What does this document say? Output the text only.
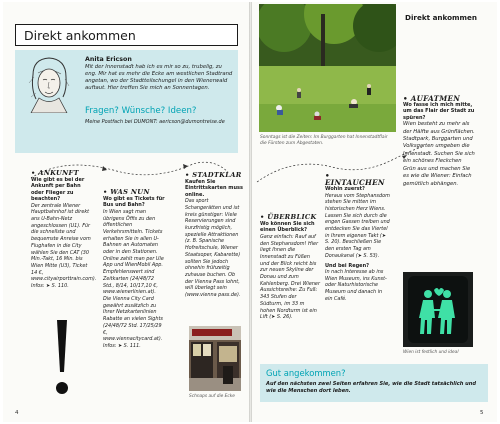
Direkt ankommen
Anita Ericson
Mit der Innenstadt hab ich es mir so zu, trubelig, zu eng. Mir hat es mehr die Ecke am westlichen Stadtrand angetan, wo der Stadtteilschungel in den Wienerwald auftaut. Hier treffen Sie mich an Sonnentagen.
Fragen? Wünsche? Ideen?
Meine Postfach bei DUMONT: aericson@dumontreise.de
• ANKUNFT
Wie gibt es bei der Ankunft per Bahn oder Flieger zu beachten?
Der zentrale Wiener Hauptbahnhof ist direkt ans U-Bahn-Netz angeschlossen (U1). Für die schnellste und bequemste Anreise vom Flughafen in die City wählen Sie den CAT (30 Min.-Takt, 16 Min. bis Wien Mitte (U3), Ticket 14 €, www.cityairporttrain.com). Infos: ➤ S. 110.
• WAS NUN
Wo gibt es Tickets für Bus und Bahn?
In Wien sagt man übrigens Öffis zu den öffentlichen Verkehrsmitteln. Tickets erhalten Sie in allen U-Bahnen an Automaten oder in den Stationen. Online zahlt man per Ule App und WienMobil App. Empfehlenswert sind Zeitkarten (24/48/72 Std., 8/14, 10/17,10 €, www.wienerlinien.at). Die Vienna City Card gewährt zusätzlich zu Ihrer Netzkartenlinien Rabatte an vielen Sights (24/48/72 Std. 17/25/29 €, www.viennacitycard.at). Infos: ➤ S. 111.
• STADTKLAR
Kaufen Sie Eintrittskarten muss online.
Das sport Schangerätten und ist kreis günstiger: Viele Reservierungen sind kurzfristig möglich, spezielle Attraktionen (z. B. Spanische Hofreitschule, Wiener Staatsoper, Kabarette) sollten Sie jedoch ohnehin frühzeitig zuhause buchen. Ob der Vienna Pass lohnt, will überlegt sein (www.vienna pass.de).
Schnaps auf die Ecke
4
Sonntags ist die Zeiten: Im Burggarten hat Innenstadtflair die Fürsten zum Abgestaten.
Direkt ankommen
• ÜBERBLICK
Wo können Sie sich einen Überblick?
Ganz einfach: Rauf auf den Stephansdom! Hier liegt Ihnen die Innenstadt zu Füßen und der Blick reicht bis zur neuen Skyline der Donau und zum Kahlenberg. Drei Wiener Aussichtsreihe: Zu Fuß: 343 Stufen der Südturm, im 33 m hohen Nordturm ist ein Lift (➤ S. 26).
• EINTAUCHEN
Wohin zuerst?
Heraus vom Stephansdom stehen Sie mitten im historischen Herz Wiens. Lassen Sie sich durch die engen Gassen treiben und entdecken Sie das Viertel in Ihrem eigenen Takt (➤ S. 20). Beschließen Sie den ersten Tag am Donaukanal (➤ S. 53).
Und bei Regen?
In nach Interesse ab ins Wien Museum, ins Kunst- oder Naturhistorische Museum und danach in ein Café.
• AUFATMEN
Wo fasse ich mich mitte, um das Flair der Stadt zu spüren?
Wien besteht zu mehr als der Hälfte aus Grünflächen. Stadtpark, Burggarten und Volksgarten umgeben die Innenstadt. Suchen Sie sich ein schönes Fleckchen Grün aus und machen Sie es wie die Wiener: Einfach gemütlich abhängen.
Wien ist festlich und ideal
Gut angekommen?
Auf den nächsten zwei Seiten erfahren Sie, wie die Stadt tatsächlich und wie die Menschen dort leben.
5
